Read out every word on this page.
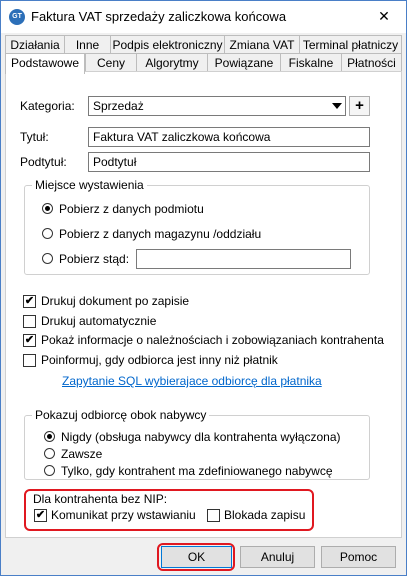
GT Faktura VAT sprzedaży zaliczkowa końcowa	✕
Działania	Inne	Podpis elektroniczny Zmiana VAT Terminal płatniczy
Podstawowe	Ceny	Algorytmy	Powiązane	Fiskalne	Płatności
Kategoria:	Sprzedaż	+
Tytuł:	Faktura VAT zaliczkowa końcowa
Podtytuł:	Podtytuł
Miejsce wystawienia
Pobierz z danych podmiotu
Pobierz z danych magazynu /oddziału
Pobierz stąd:
✔ Drukuj dokument po zapisie
Drukuj automatycznie
✔ Pokaż informacje o należnościach i zobowiązaniach kontrahenta
Poinformuj, gdy odbiorca jest inny niż płatnik
Zapytanie SQL wybierajace odbiorcę dla płatnika
Pokazuj odbiorcę obok nabywcy
Nigdy (obsługa nabywcy dla kontrahenta wyłączona)
Zawsze
Tylko, gdy kontrahent ma zdefiniowanego nabywcę
Dla kontrahenta bez NIP:
✔ Komunikat przy wstawianiu Blokada zapisu
OK	Anuluj	Pomoc
